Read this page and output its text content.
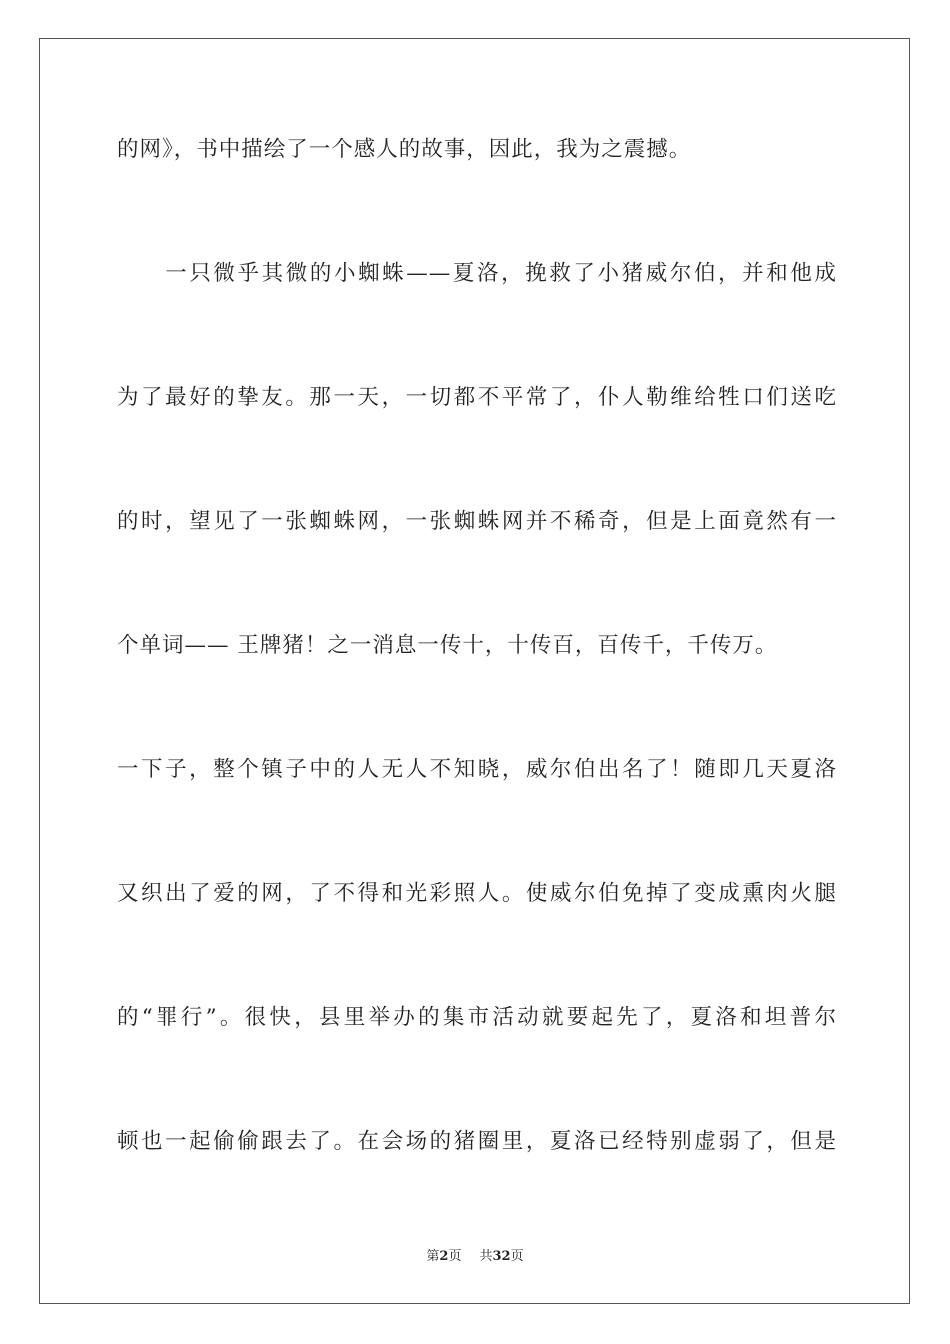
的网》，书中描绘了一个感人的故事，因此，我为之震撼。
　　一只微乎其微的小蜘蛛——夏洛，挽救了小猪威尔伯，并和他成
为了最好的挚友。那一天，一切都不平常了，仆人勒维给牲口们送吃
的时，望见了一张蜘蛛网，一张蜘蛛网并不稀奇，但是上面竟然有一
个单词—— 王牌猪！之一消息一传十，十传百，百传千，千传万。
一下子，整个镇子中的人无人不知晓，威尔伯出名了！随即几天夏洛
又织出了爱的网，了不得和光彩照人。使威尔伯免掉了变成熏肉火腿
的“罪行”。很快，县里举办的集市活动就要起先了，夏洛和坦普尔
顿也一起偷偷跟去了。在会场的猪圈里，夏洛已经特别虚弱了，但是
第2页 共32页
